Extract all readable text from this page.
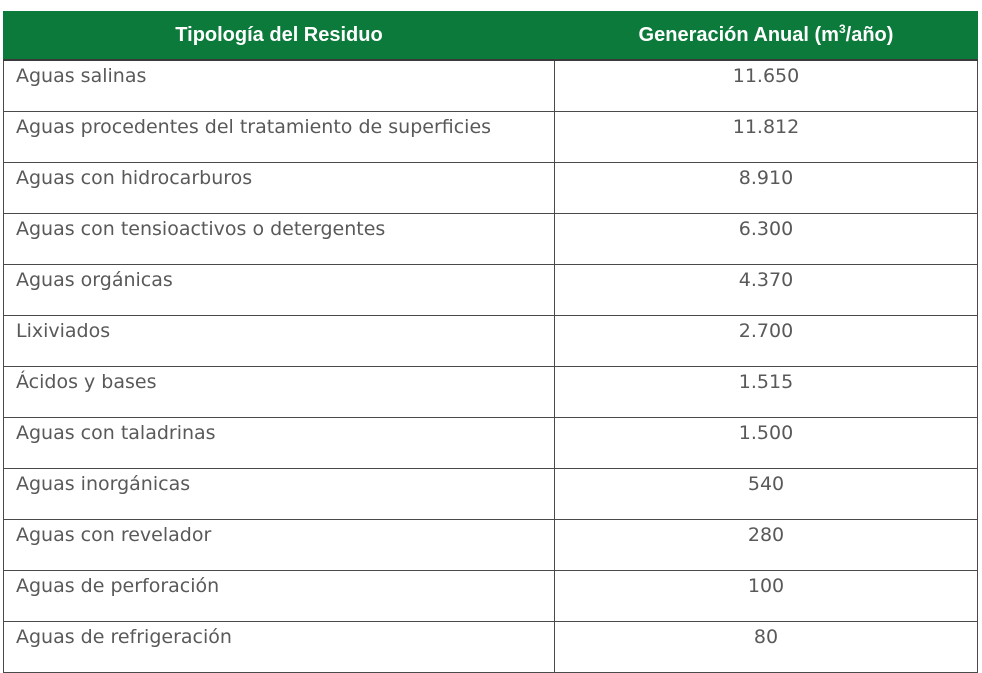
Tipología del Residuo	Generación Anual $(m^3/año)$
Aguas salinas	11.650
Aguas procedentes del tratamiento de superficies	11.812
Aguas con hidrocarburos	8.910
Aguas con tensioactivos o detergentes	6.300
Aguas orgánicas	4.370
Lixiviados	2.700
Ácidos y bases	1.515
Aguas con taladrinas	1.500
Aguas inorgánicas	540
Aguas con revelador	280
Aguas de perforación	100
Aguas de refrigeración	80
